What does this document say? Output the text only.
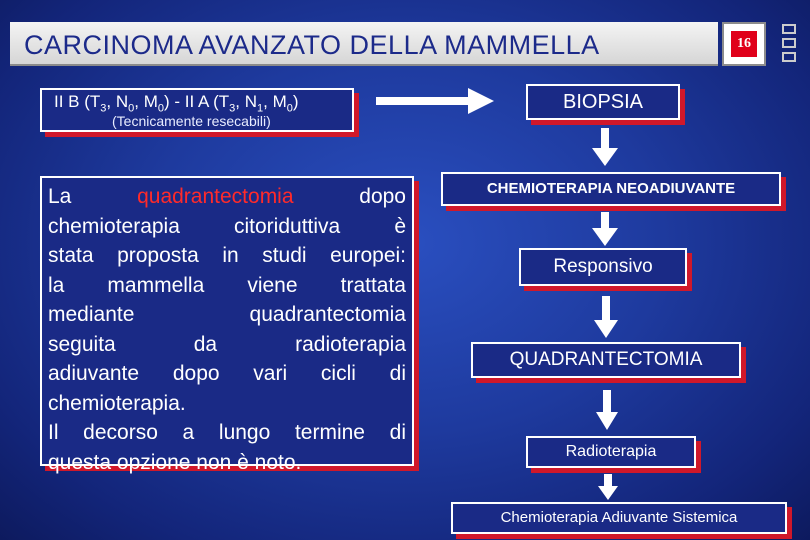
CARCINOMA AVANZATO DELLA MAMMELLA	16
II B ($T_3$, $N_0$, $M_0$) - II A ($T_3$, $N_1$, $M_0$)
(Tecnicamente resecabili)

La quadrantectomia dopo

chemioterapia citoriduttiva è

stata proposta in studi europei:

la mammella viene trattata

mediante quadrantectomia

seguita da radioterapia

adiuvante dopo vari cicli di

chemioterapia.

Il decorso a lungo termine di

questa opzione non è noto.

BIOPSIA
CHEMIOTERAPIA NEOADIUVANTE
Responsivo
QUADRANTECTOMIA
Radioterapia
Chemioterapia Adiuvante Sistemica
